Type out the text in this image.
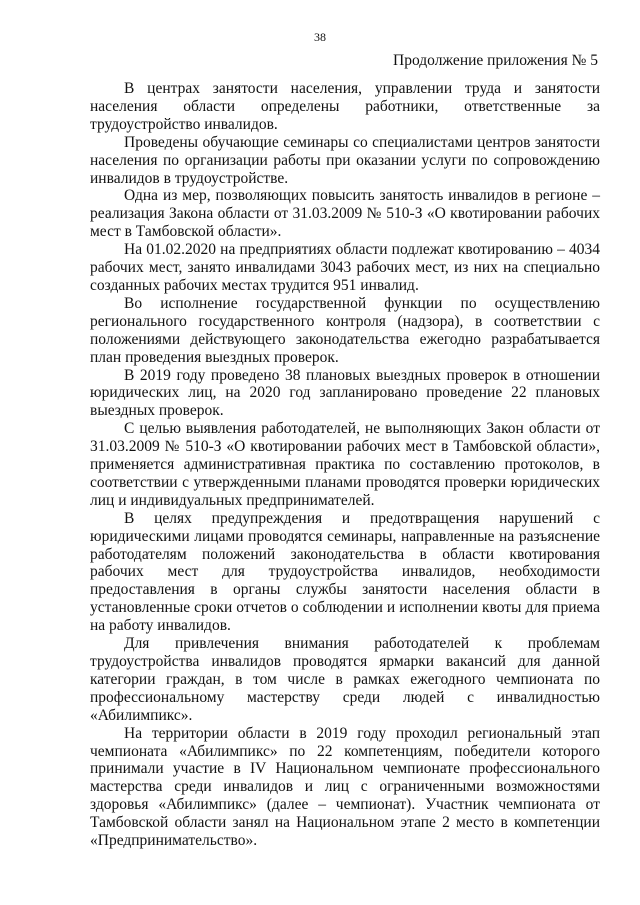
38
Продолжение приложения № 5

В центрах занятости населения, управлении труда и занятости населения области определены работники, ответственные за трудоустройство инвалидов.

Проведены обучающие семинары со специалистами центров занятости населения по организации работы при оказании услуги по сопровождению инвалидов в трудоустройстве.

Одна из мер, позволяющих повысить занятость инвалидов в регионе – реализация Закона области от 31.03.2009 № 510-З «О квотировании рабочих мест в Тамбовской области».

На 01.02.2020 на предприятиях области подлежат квотированию – 4034 рабочих мест, занято инвалидами 3043 рабочих мест, из них на специально созданных рабочих местах трудится 951 инвалид.

Во исполнение государственной функции по осуществлению регионального государственного контроля (надзора), в соответствии с положениями действующего законодательства ежегодно разрабатывается план проведения выездных проверок.

В 2019 году проведено 38 плановых выездных проверок в отношении юридических лиц, на 2020 год запланировано проведение 22 плановых выездных проверок.

С целью выявления работодателей, не выполняющих Закон области от 31.03.2009 № 510-З «О квотировании рабочих мест в Тамбовской области», применяется административная практика по составлению протоколов, в соответствии с утвержденными планами проводятся проверки юридических лиц и индивидуальных предпринимателей.

В целях предупреждения и предотвращения нарушений с юридическими лицами проводятся семинары, направленные на разъяснение работодателям положений законодательства в области квотирования рабочих мест для трудоустройства инвалидов, необходимости предоставления в органы службы занятости населения области в установленные сроки отчетов о соблюдении и исполнении квоты для приема на работу инвалидов.

Для привлечения внимания работодателей к проблемам трудоустройства инвалидов проводятся ярмарки вакансий для данной категории граждан, в том числе в рамках ежегодного чемпионата по профессиональному мастерству среди людей с инвалидностью «Абилимпикс».

На территории области в 2019 году проходил региональный этап чемпионата «Абилимпикс» по 22 компетенциям, победители которого принимали участие в IV Национальном чемпионате профессионального мастерства среди инвалидов и лиц с ограниченными возможностями здоровья «Абилимпикс» (далее – чемпионат). Участник чемпионата от Тамбовской области занял на Национальном этапе 2 место в компетенции «Предпринимательство».
